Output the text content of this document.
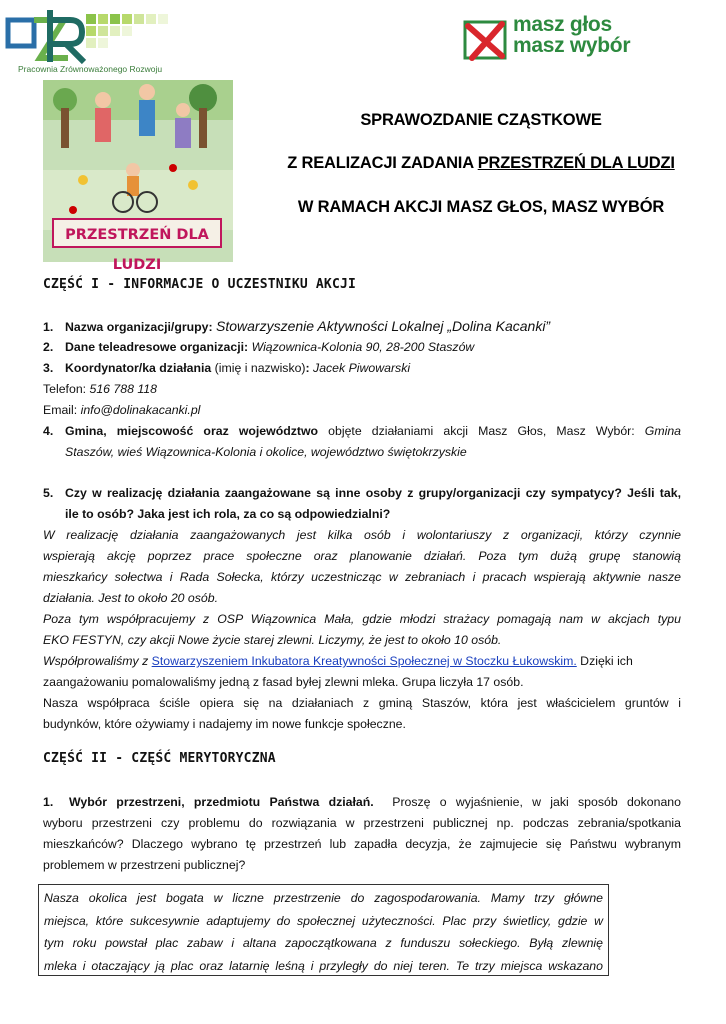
Pracownia Zrównoważonego Rozwoju
masz głos
masz wybór
PRZESTRZEŃ DLA LUDZI
SPRAWOZDANIE CZĄSTKOWE
Z REALIZACJI ZADANIA PRZESTRZEŃ DLA LUDZI
W RAMACH AKCJI MASZ GŁOS, MASZ WYBÓR
CZĘŚĆ I - INFORMACJE O UCZESTNIKU AKCJI
1. Nazwa organizacji/grupy: Stowarzyszenie Aktywności Lokalnej „Dolina Kacanki”
2. Dane teleadresowe organizacji: Wiązownica-Kolonia 90, 28-200 Staszów
3. Koordynator/ka działania (imię i nazwisko): Jacek Piwowarski
Telefon: 516 788 118
Email: info@dolinakacanki.pl
4. Gmina, miejscowość oraz województwo objęte działaniami akcji Masz Głos, Masz Wybór: Gmina
Staszów, wieś Wiązownica-Kolonia i okolice, województwo świętokrzyskie
5. Czy w realizację działania zaangażowane są inne osoby z grupy/organizacji czy sympatycy? Jeśli tak,
ile to osób? Jaka jest ich rola, za co są odpowiedzialni?
W realizację działania zaangażowanych jest kilka osób i wolontariuszy z organizacji, którzy czynnie
wspierają akcję poprzez prace społeczne oraz planowanie działań. Poza tym dużą grupę stanowią
mieszkańcy sołectwa i Rada Sołecka, którzy uczestnicząc w zebraniach i pracach wspierają aktywnie nasze
działania. Jest to około 20 osób.
Poza tym współpracujemy z OSP Wiązownica Mała, gdzie młodzi strażacy pomagają nam w akcjach typu
EKO FESTYN, czy akcji Nowe życie starej zlewni. Liczymy, że jest to około 10 osób.
Współprowaliśmy z Stowarzyszeniem Inkubatora Kreatywności Społecznej w Stoczku Łukowskim. Dzięki ich
zaangażowaniu pomalowaliśmy jedną z fasad byłej zlewni mleka. Grupa liczyła 17 osób.
Nasza współpraca ściśle opiera się na działaniach z gminą Staszów, która jest właścicielem gruntów i
budynków, które ożywiamy i nadajemy im nowe funkcje społeczne.
CZĘŚĆ II - CZĘŚĆ MERYTORYCZNA
1. Wybór przestrzeni, przedmiotu Państwa działań. Proszę o wyjaśnienie, w jaki sposób dokonano
wyboru przestrzeni czy problemu do rozwiązania w przestrzeni publicznej np. podczas zebrania/spotkania
mieszkańców? Dlaczego wybrano tę przestrzeń lub zapadła decyzja, że zajmujecie się Państwu wybranym
problemem w przestrzeni publicznej?

Nasza okolica jest bogata w liczne przestrzenie do zagospodarowania. Mamy trzy główne

miejsca, które sukcesywnie adaptujemy do społecznej użyteczności. Plac przy świetlicy, gdzie w

tym roku powstał plac zabaw i altana zapoczątkowana z funduszu sołeckiego. Byłą zlewnię

mleka i otaczający ją plac oraz latarnię leśną i przyległy do niej teren. Te trzy miejsca wskazano
